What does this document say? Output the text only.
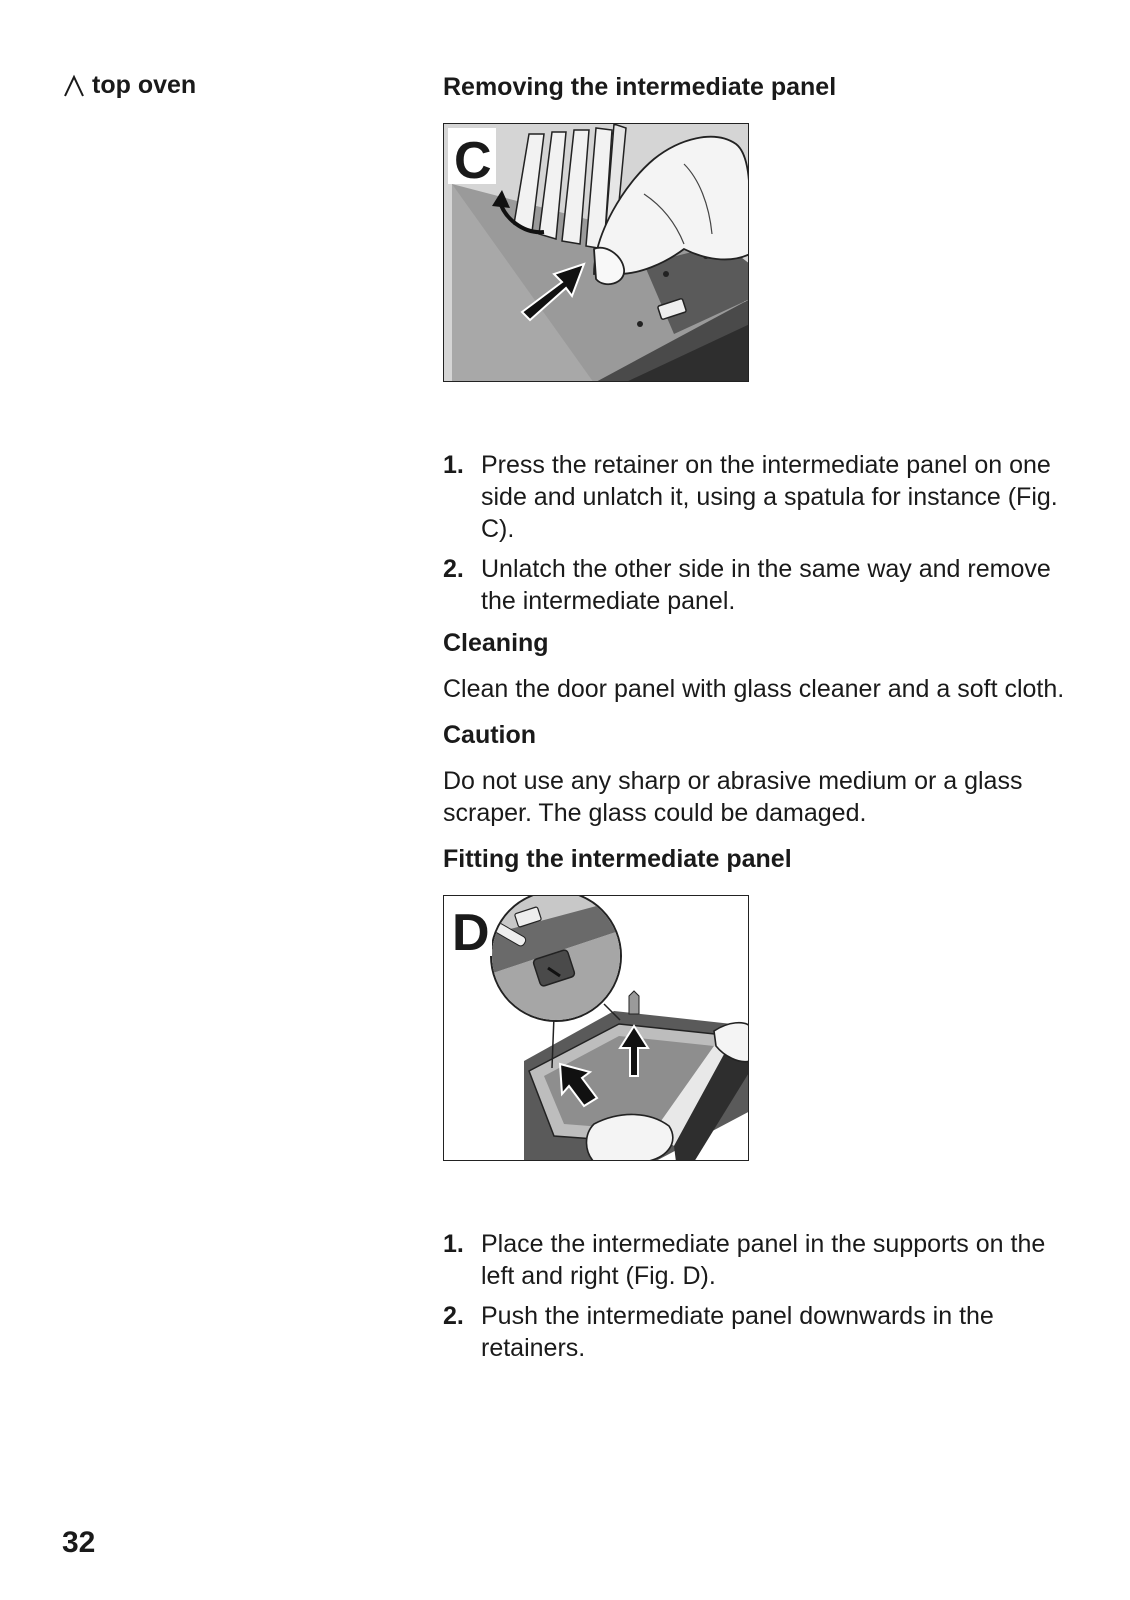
top oven	Removing the intermediate panel
C
1. Press the retainer on the intermediate panel on one side and unlatch it, using a spatula for instance (Fig. C).
2. Unlatch the other side in the same way and remove the intermediate panel.
Cleaning

Clean the door panel with glass cleaner and a soft cloth.

Caution

Do not use any sharp or abrasive medium or a glass scraper. The glass could be damaged.

Fitting the intermediate panel
D
1. Place the intermediate panel in the supports on the left and right (Fig. D).
2. Push the intermediate panel downwards in the retainers.
32
